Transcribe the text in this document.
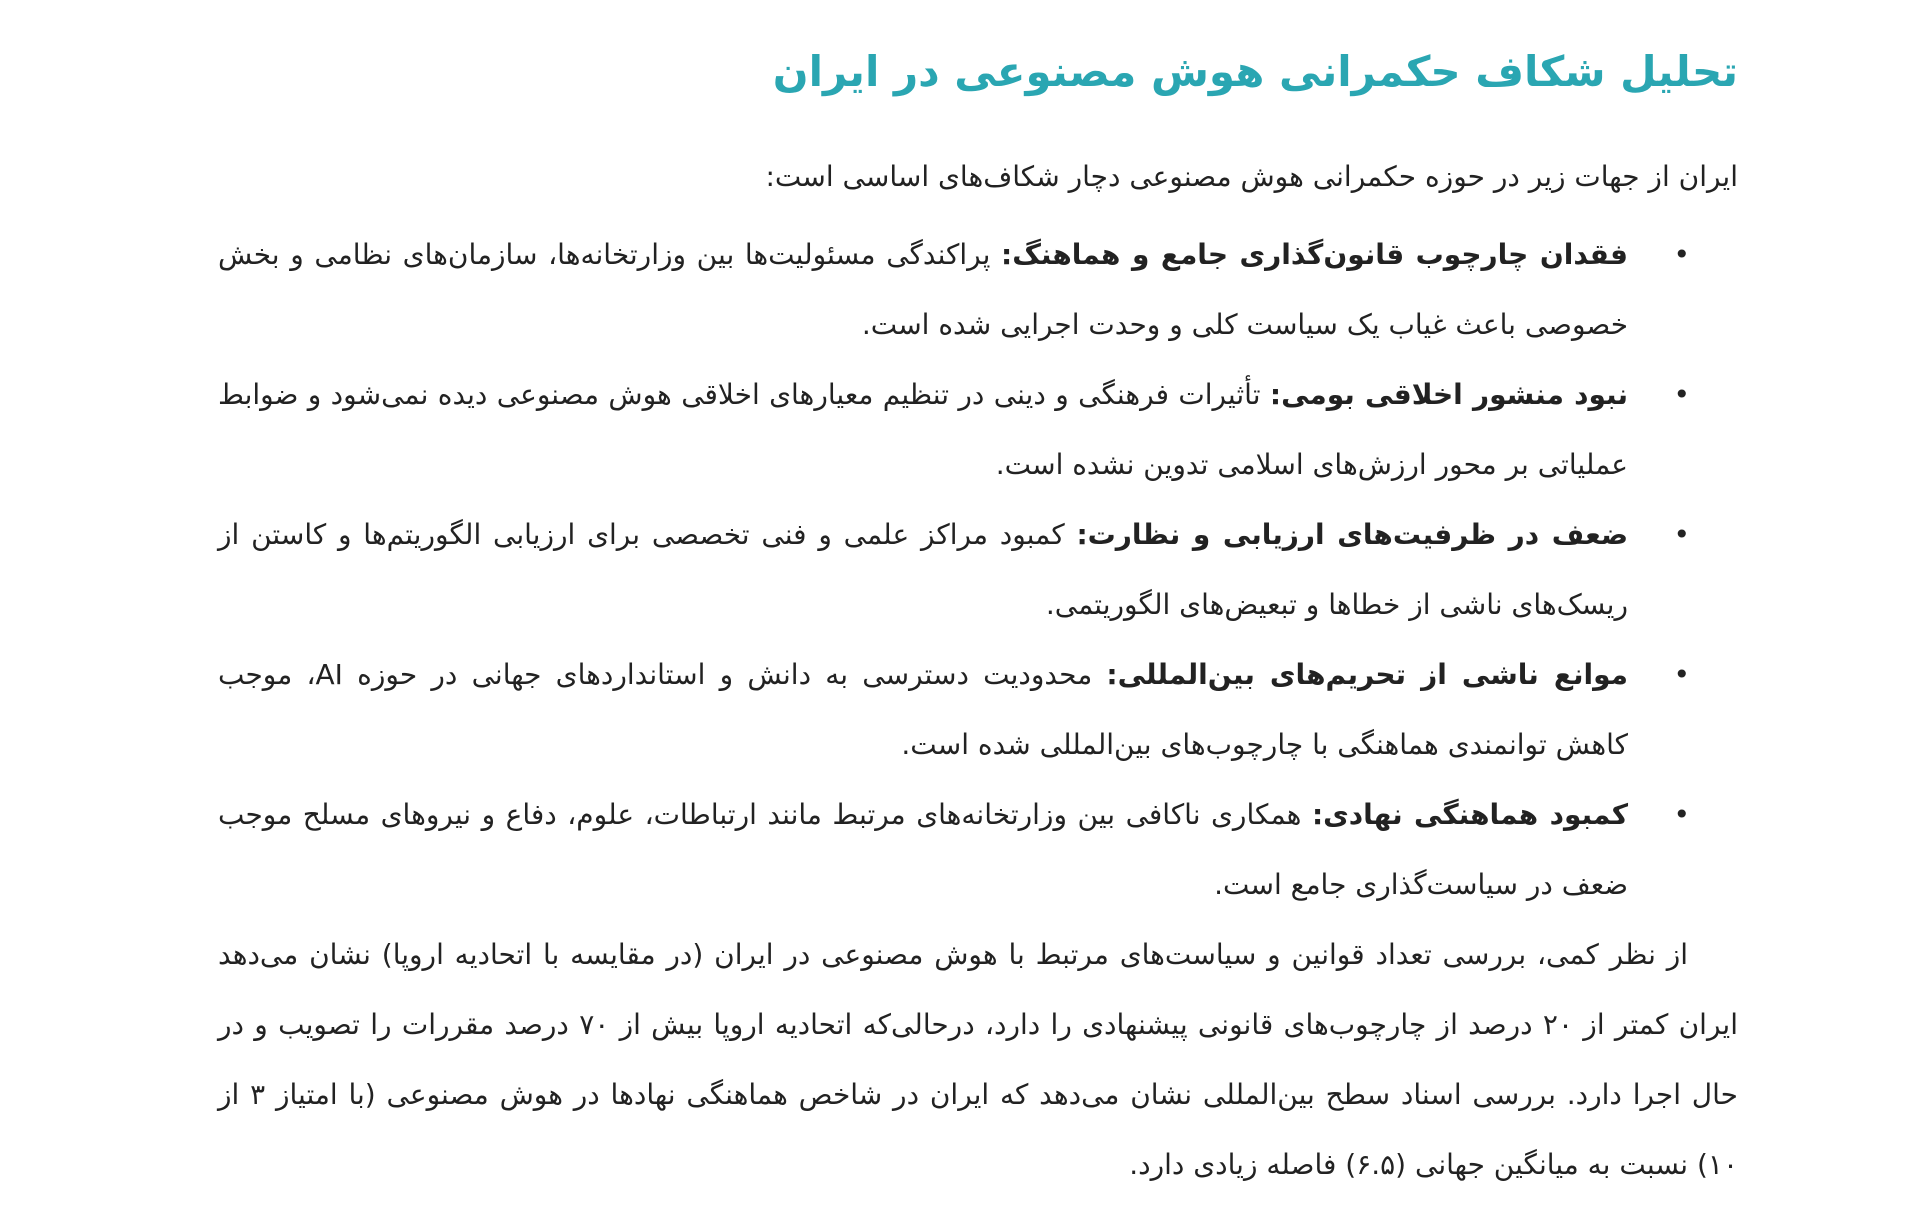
تحلیل شکاف حکمرانی هوش مصنوعی در ایران

ایران از جهات زیر در حوزه حکمرانی هوش مصنوعی دچار شکاف‌های اساسی است:

•
فقدان چارچوب قانون‌گذاری جامع و هماهنگ: پراکندگی مسئولیت‌ها بین وزارتخانه‌ها، سازمان‌های نظامی و بخش خصوصی باعث غیاب یک سیاست کلی و وحدت اجرایی شده است.
•
نبود منشور اخلاقی بومی: تأثیرات فرهنگی و دینی در تنظیم معیارهای اخلاقی هوش مصنوعی دیده نمی‌شود و ضوابط عملیاتی بر محور ارزش‌های اسلامی تدوین نشده است.
•
ضعف در ظرفیت‌های ارزیابی و نظارت: کمبود مراکز علمی و فنی تخصصی برای ارزیابی الگوریتم‌ها و کاستن از ریسک‌های ناشی از خطاها و تبعیض‌های الگوریتمی.
•
موانع ناشی از تحریم‌های بین‌المللی: محدودیت دسترسی به دانش و استانداردهای جهانی در حوزه AI، موجب کاهش توانمندی هماهنگی با چارچوب‌های بین‌المللی شده است.
•
کمبود هماهنگی نهادی: همکاری ناکافی بین وزارتخانه‌های مرتبط مانند ارتباطات، علوم، دفاع و نیروهای مسلح موجب ضعف در سیاست‌گذاری جامع است.

از نظر کمی، بررسی تعداد قوانین و سیاست‌های مرتبط با هوش مصنوعی در ایران (در مقایسه با اتحادیه اروپا) نشان می‌دهد ایران کمتر از ۲۰ درصد از چارچوب‌های قانونی پیشنهادی را دارد، درحالی‌که اتحادیه اروپا بیش از ۷۰ درصد مقررات را تصویب و در حال اجرا دارد. بررسی اسناد سطح بین‌المللی نشان می‌دهد که ایران در شاخص هماهنگی نهادها در هوش مصنوعی (با امتیاز ۳ از ۱۰) نسبت به میانگین جهانی (۶.۵) فاصله زیادی دارد.
